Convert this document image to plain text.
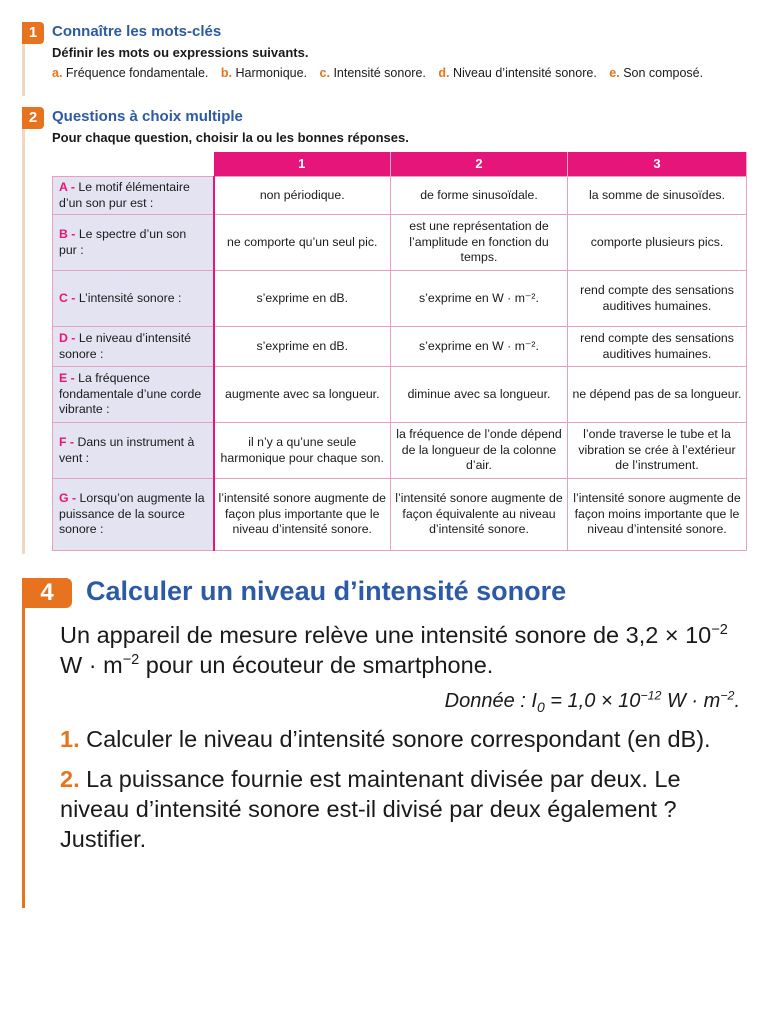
1 Connaître les mots-clés
Définir les mots ou expressions suivants.
a. Fréquence fondamentale. b. Harmonique. c. Intensité sonore. d. Niveau d’intensité sonore. e. Son composé.
2 Questions à choix multiple
Pour chaque question, choisir la ou les bonnes réponses.
	1	2	3
A - Le motif élémentaire d’un son pur est :	non périodique.	de forme sinusoïdale.	la somme de sinusoïdes.
B - Le spectre d’un son pur :	ne comporte qu’un seul pic.	est une représentation de l’amplitude en fonction du temps.	comporte plusieurs pics.
C - L’intensité sonore :	s’exprime en dB.	s’exprime en W · m⁻².	rend compte des sensations auditives humaines.
D - Le niveau d’intensité sonore :	s’exprime en dB.	s’exprime en W · m⁻².	rend compte des sensations auditives humaines.
E - La fréquence fondamentale d’une corde vibrante :	augmente avec sa longueur.	diminue avec sa longueur.	ne dépend pas de sa longueur.
F - Dans un instrument à vent :	il n’y a qu’une seule harmonique pour chaque son.	la fréquence de l’onde dépend de la longueur de la colonne d’air.	l’onde traverse le tube et la vibration se crée à l’extérieur de l’instrument.
G - Lorsqu’on augmente la puissance de la source sonore :	l’intensité sonore augmente de façon plus importante que le niveau d’intensité sonore.	l’intensité sonore augmente de façon équivalente au niveau d’intensité sonore.	l’intensité sonore augmente de façon moins importante que le niveau d’intensité sonore.
4	Calculer un niveau d’intensité sonore

Un appareil de mesure relève une intensité sonore de $3,2 \times 10^{-2}$ $W \cdot m^{-2}$ pour un écouteur de smartphone.

Donnée : $I_0 = 1,0 \times 10^{-12}$ $W \cdot m^{-2}$.

1. Calculer le niveau d’intensité sonore correspondant (en dB).

2. La puissance fournie est maintenant divisée par deux. Le niveau d’intensité sonore est-il divisé par deux également ? Justifier.
